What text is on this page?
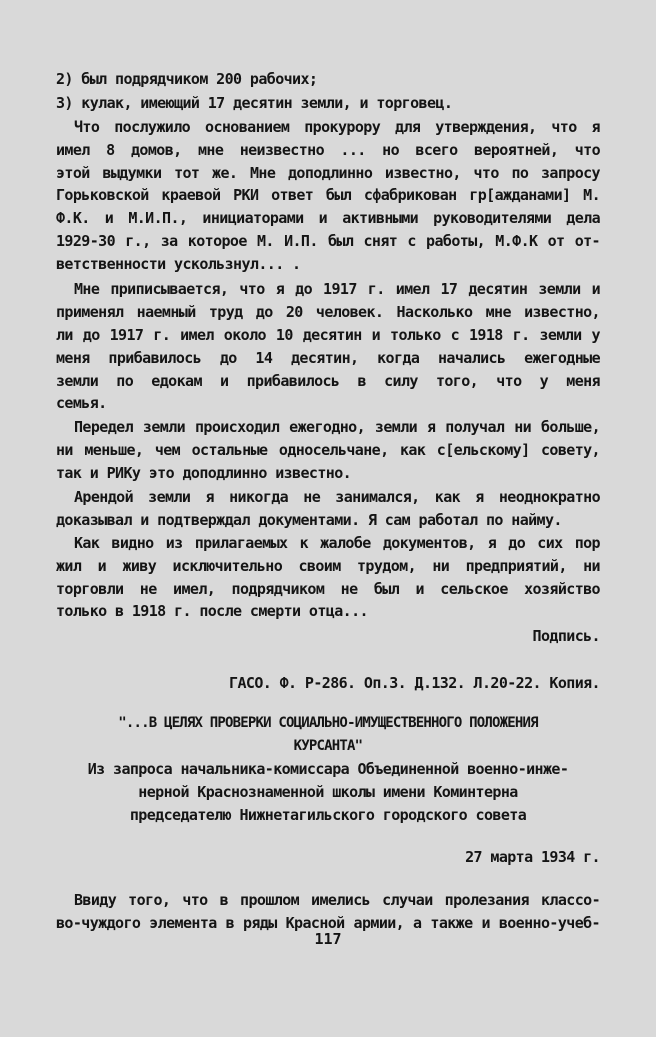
2) был подрядчиком 200 рабочих;
3) кулак, имеющий 17 десятин земли, и торговец.
Что послужило основанием прокурору для утверждения, что я
имел 8 домов, мне неизвестно ... но всего вероятней, что
этой выдумки тот же. Мне доподлинно известно, что по запросу
Горьковской краевой РКИ ответ был сфабрикован гр[ажданами] М.
Ф.К. и М.И.П., инициаторами и активными руководителями дела
1929-30 г., за которое М. И.П. был снят с работы, М.Ф.К от от-
ветственности ускользнул... .
Мне приписывается, что я до 1917 г. имел 17 десятин земли и
применял наемный труд до 20 человек. Насколько мне известно,
ли до 1917 г. имел около 10 десятин и только с 1918 г. земли у
меня прибавилось до 14 десятин, когда начались ежегодные
земли по едокам и прибавилось в силу того, что у меня
семья.
Передел земли происходил ежегодно, земли я получал ни больше,
ни меньше, чем остальные односельчане, как с[ельскому] совету,
так и РИКу это доподлинно известно.
Арендой земли я никогда не занимался, как я неоднократно
доказывал и подтверждал документами. Я сам работал по найму.
Как видно из прилагаемых к жалобе документов, я до сих пор
жил и живу исключительно своим трудом, ни предприятий, ни
торговли не имел, подрядчиком не был и сельское хозяйство
только в 1918 г. после смерти отца...
Подпись.
ГАСО. Ф. Р-286. Оп.3. Д.132. Л.20-22. Копия.
"...В ЦЕЛЯХ ПРОВЕРКИ СОЦИАЛЬНО-ИМУЩЕСТВЕННОГО ПОЛОЖЕНИЯ
КУРСАНТА"
Из запроса начальника-комиссара Объединенной военно-инже-
нерной Краснознаменной школы имени Коминтерна
председателю Нижнетагильского городского совета
27 марта 1934 г.
Ввиду того, что в прошлом имелись случаи пролезания классо-
во-чуждого элемента в ряды Красной армии, а также и военно-учеб-
117
